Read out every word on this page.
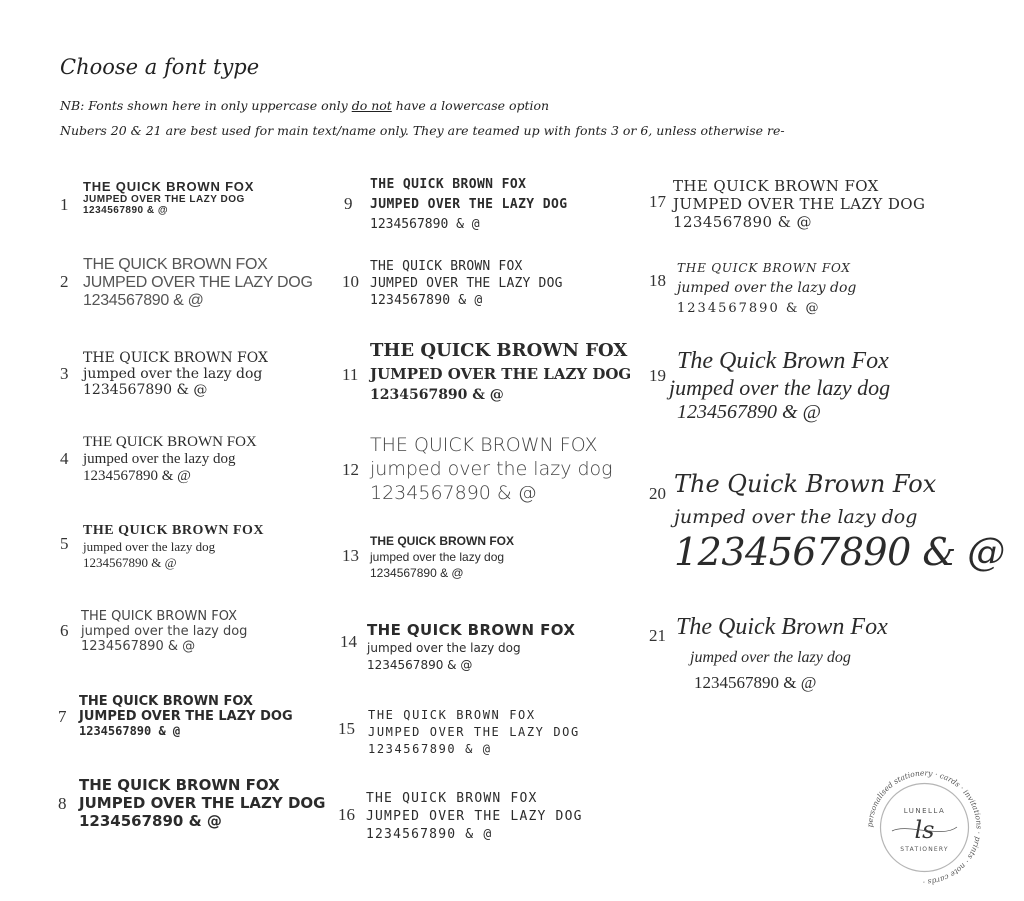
Choose a font type
NB: Fonts shown here in only uppercase only do not have a lowercase option
Nubers 20 & 21 are best used for main text/name only. They are teamed up with fonts 3 or 6, unless otherwise re-
1
THE QUICK BROWN FOX
JUMPED OVER THE LAZY DOG
1234567890 & @
2
THE QUICK BROWN FOX
JUMPED OVER THE LAZY DOG
1234567890 & @
3
THE QUICK BROWN FOX
jumped over the lazy dog
1234567890 & @
4
THE QUICK BROWN FOX
jumped over the lazy dog
1234567890 & @
5
THE QUICK BROWN FOX
jumped over the lazy dog
1234567890 & @
6
THE QUICK BROWN FOX
jumped over the lazy dog
1234567890 & @
7
THE QUICK BROWN FOX
JUMPED OVER THE LAZY DOG
1234567890 & @
8
THE QUICK BROWN FOX
JUMPED OVER THE LAZY DOG
1234567890 & @
9
THE QUICK BROWN FOX
JUMPED OVER THE LAZY DOG
1234567890 & @
10
THE QUICK BROWN FOX
JUMPED OVER THE LAZY DOG
1234567890 & @
11
THE QUICK BROWN FOX
JUMPED OVER THE LAZY DOG
1234567890 & @
12
THE QUICK BROWN FOX
jumped over the lazy dog
1234567890 & @
13
THE QUICK BROWN FOX
jumped over the lazy dog
1234567890 & @
14
THE QUICK BROWN FOX
jumped over the lazy dog
1234567890 & @
15
THE QUICK BROWN FOX
JUMPED OVER THE LAZY DOG
1234567890 & @
16
THE QUICK BROWN FOX
JUMPED OVER THE LAZY DOG
1234567890 & @
17
THE QUICK BROWN FOX
JUMPED OVER THE LAZY DOG
1234567890 & @
18
THE QUICK BROWN FOX
jumped over the lazy dog
1234567890 & @
19
The Quick Brown Fox
jumped over the lazy dog
1234567890 & @
20 The Quick Brown Fox
jumped over the lazy dog
1234567890 & @
21 The Quick Brown Fox
jumped over the lazy dog
1234567890 & @
personalised stationery · cards · invitations · prints · note cards ·
LUNELLA
ls
STATIONERY
